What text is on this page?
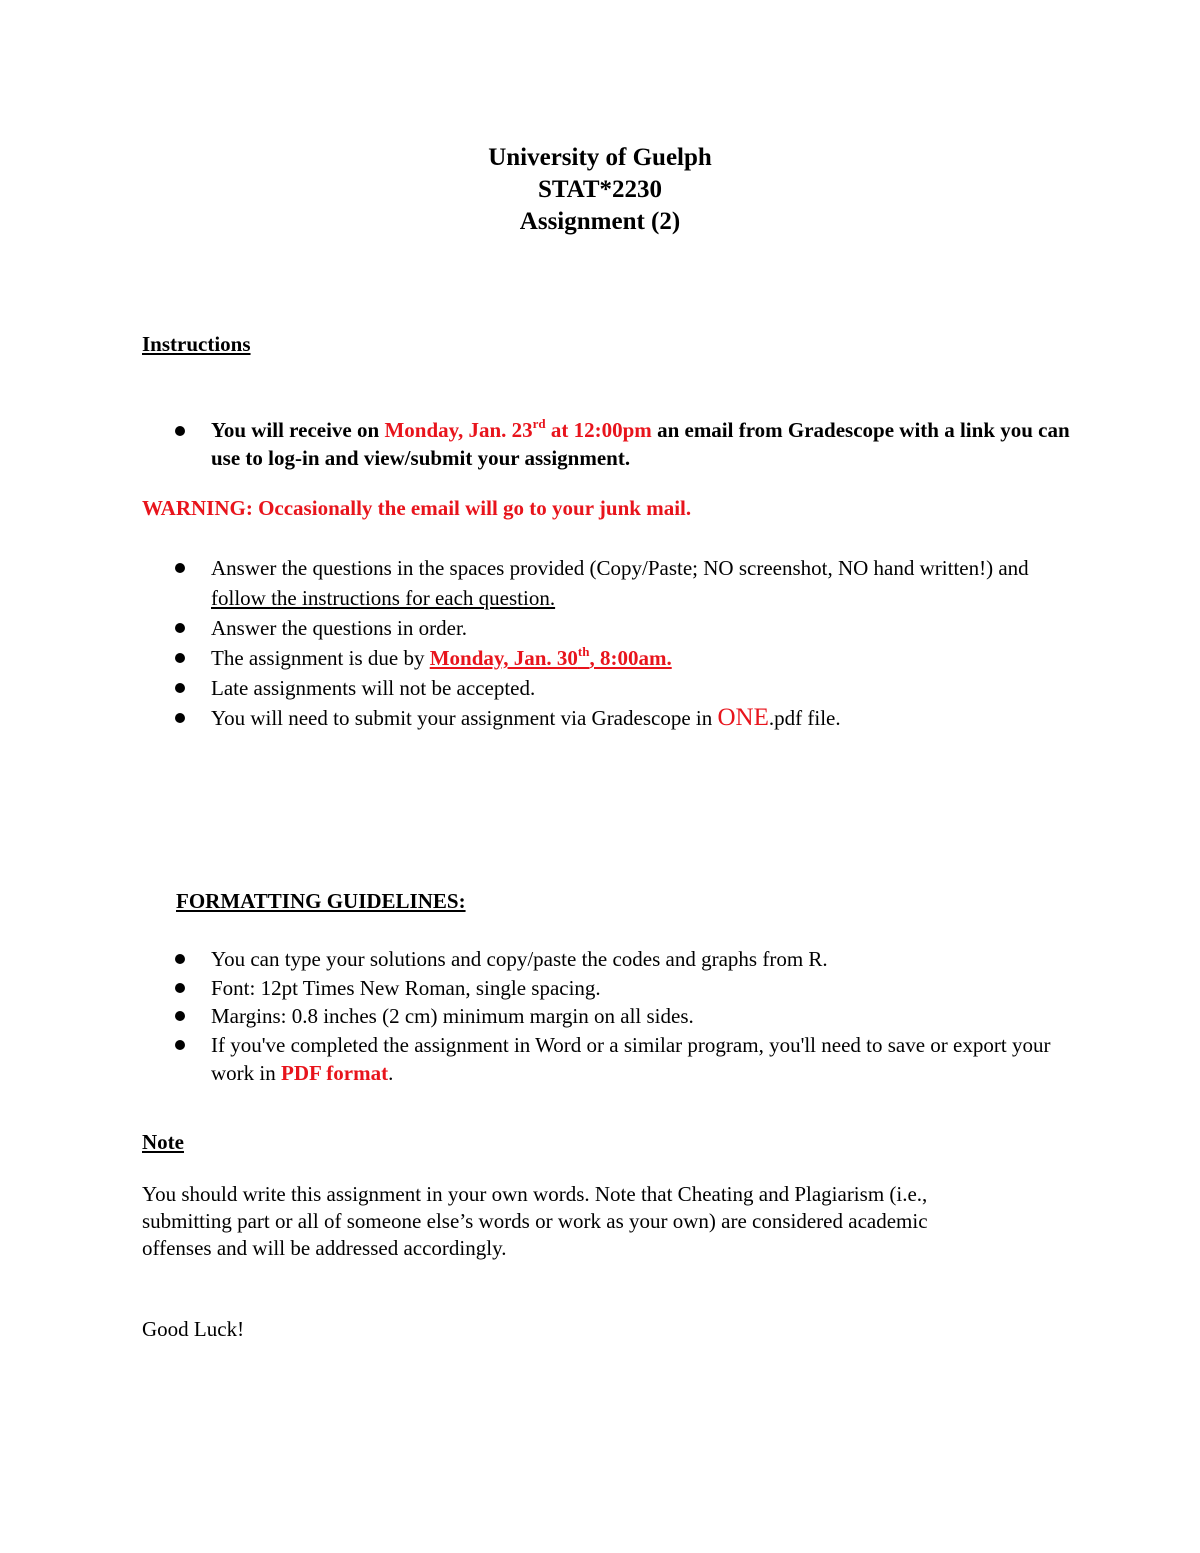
University of Guelph
STAT*2230
Assignment (2)
Instructions
You will receive on Monday, Jan. 23rd at 12:00pm an email from Gradescope with a link you can use to log-in and view/submit your assignment.
WARNING: Occasionally the email will go to your junk mail.
Answer the questions in the spaces provided (Copy/Paste; NO screenshot, NO hand written!) and follow the instructions for each question.
Answer the questions in order.
The assignment is due by Monday, Jan. 30th, 8:00am.
Late assignments will not be accepted.
You will need to submit your assignment via Gradescope in ONE.pdf file.
FORMATTING GUIDELINES:
You can type your solutions and copy/paste the codes and graphs from R.
Font: 12pt Times New Roman, single spacing.
Margins: 0.8 inches (2 cm) minimum margin on all sides.
If you've completed the assignment in Word or a similar program, you'll need to save or export your work in PDF format.
Note
You should write this assignment in your own words. Note that Cheating and Plagiarism (i.e., submitting part or all of someone else’s words or work as your own) are considered academic offenses and will be addressed accordingly.
Good Luck!
